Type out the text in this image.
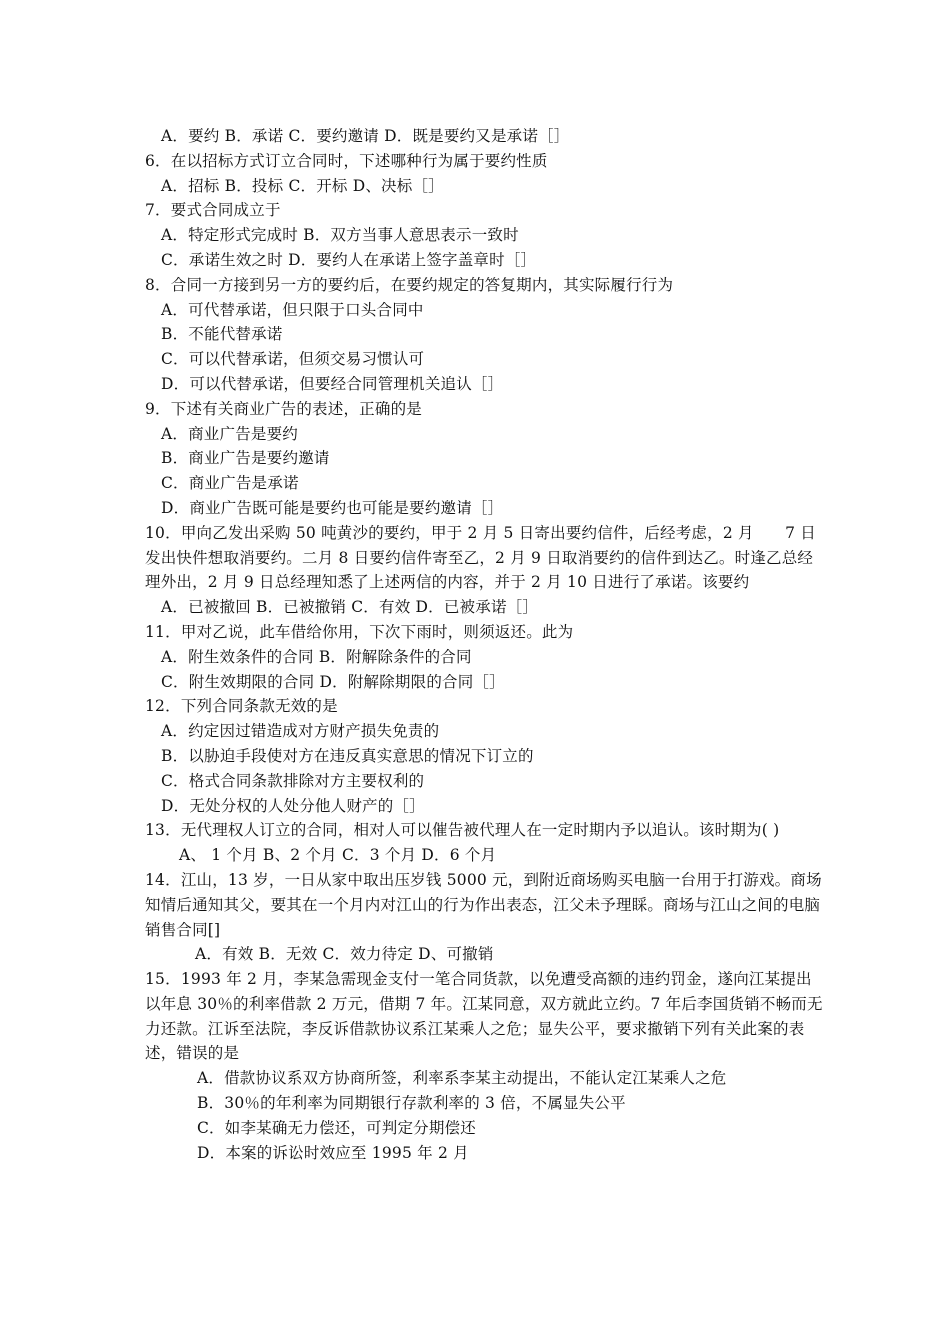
A．要约 B．承诺 C．要约邀请 D．既是要约又是承诺［］
6．在以招标方式订立合同时，下述哪种行为属于要约性质
A．招标 B．投标 C．开标 D、决标［］
7．要式合同成立于
A．特定形式完成时 B．双方当事人意思表示一致时
C．承诺生效之时 D．要约人在承诺上签字盖章时［］
8．合同一方接到另一方的要约后，在要约规定的答复期内，其实际履行行为
A．可代替承诺，但只限于口头合同中
B．不能代替承诺
C．可以代替承诺，但须交易习惯认可
D．可以代替承诺，但要经合同管理机关追认［］
9．下述有关商业广告的表述，正确的是
A．商业广告是要约
B．商业广告是要约邀请
C．商业广告是承诺
D．商业广告既可能是要约也可能是要约邀请［］
10．甲向乙发出采购 50 吨黄沙的要约，甲于 2 月 5 日寄出要约信件，后经考虑，2 月　　7 日发出快件想取消要约。二月 8 日要约信件寄至乙，2 月 9 日取消要约的信件到达乙。时逢乙总经理外出，2 月 9 日总经理知悉了上述两信的内容，并于 2 月 10 日进行了承诺。该要约
A．已被撤回 B．已被撤销 C．有效 D．已被承诺［］
11．甲对乙说，此车借给你用，下次下雨时，则须返还。此为
A．附生效条件的合同 B．附解除条件的合同
C．附生效期限的合同 D．附解除期限的合同［］
12．下列合同条款无效的是
A．约定因过错造成对方财产损失免责的
B．以胁迫手段使对方在违反真实意思的情况下订立的
C．格式合同条款排除对方主要权利的
D．无处分权的人处分他人财产的［］
13．无代理权人订立的合同，相对人可以催告被代理人在一定时期内予以追认。该时期为( )
A、 1 个月 B、2 个月 C．3 个月 D．6 个月
14．江山，13 岁，一日从家中取出压岁钱 5000 元，到附近商场购买电脑一台用于打游戏。商场知情后通知其父，要其在一个月内对江山的行为作出表态，江父未予理睬。商场与江山之间的电脑销售合同[]
A．有效 B．无效 C．效力待定 D、可撤销
15．1993 年 2 月，李某急需现金支付一笔合同货款，以免遭受高额的违约罚金，遂向江某提出以年息 30％的利率借款 2 万元，借期 7 年。江某同意，双方就此立约。7 年后李国货销不畅而无力还款。江诉至法院，李反诉借款协议系江某乘人之危；显失公平，要求撤销下列有关此案的表述，错误的是
A．借款协议系双方协商所签，利率系李某主动提出，不能认定江某乘人之危
B．30％的年利率为同期银行存款利率的 3 倍，不属显失公平
C．如李某确无力偿还，可判定分期偿还
D．本案的诉讼时效应至 1995 年 2 月
